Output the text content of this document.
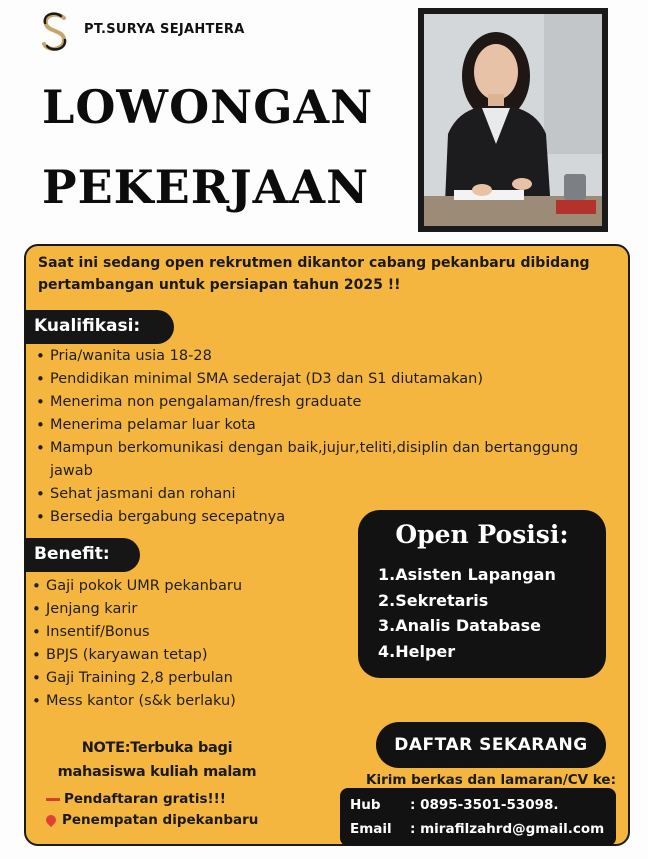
PT.SURYA SEJAHTERA
LOWONGAN
PEKERJAAN
Saat ini sedang open rekrutmen dikantor cabang pekanbaru dibidang pertambangan untuk persiapan tahun 2025 !!
Kualifikasi:
• Pria/wanita usia 18-28
• Pendidikan minimal SMA sederajat (D3 dan S1 diutamakan)
• Menerima non pengalaman/fresh graduate
• Menerima pelamar luar kota
• Mampun berkomunikasi dengan baik,jujur,teliti,disiplin dan bertanggung jawab
• Sehat jasmani dan rohani
• Bersedia bergabung secepatnya
Benefit:
• Gaji pokok UMR pekanbaru
• Jenjang karir
• Insentif/Bonus
• BPJS (karyawan tetap)
• Gaji Training 2,8 perbulan
• Mess kantor (s&k berlaku)
Open Posisi:
1.Asisten Lapangan
2.Sekretaris
3.Analis Database
4.Helper
NOTE:Terbuka bagi mahasiswa kuliah malam
Pendaftaran gratis!!!
Penempatan dipekanbaru
DAFTAR SEKARANG
Kirim berkas dan lamaran/CV ke:
Hub : 0895-3501-53098.
Email : mirafilzahrd@gmail.com
